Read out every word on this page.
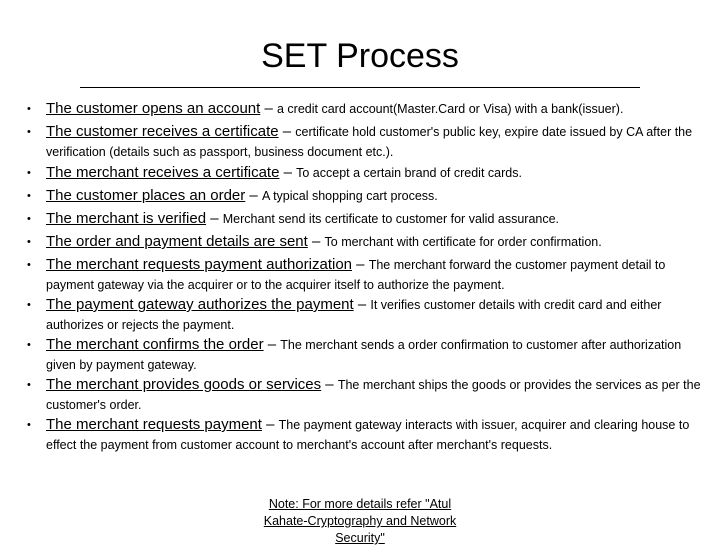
SET Process
• The customer opens an account – a credit card account(Master.Card or Visa) with a bank(issuer).
• The customer receives a certificate – certificate hold customer's public key, expire date issued by CA after the verification (details such as passport, business document etc.).
• The merchant receives a certificate – To accept a certain brand of credit cards.
• The customer places an order – A typical shopping cart process.
• The merchant is verified – Merchant send its certificate to customer for valid assurance.
• The order and payment details are sent – To merchant with certificate for order confirmation.
• The merchant requests payment authorization – The merchant forward the customer payment detail to payment gateway via the acquirer or to the acquirer itself to authorize the payment.
• The payment gateway authorizes the payment – It verifies customer details with credit card and either authorizes or rejects the payment.
• The merchant confirms the order – The merchant sends a order confirmation to customer after authorization given by payment gateway.
• The merchant provides goods or services – The merchant ships the goods or provides the services as per the customer's order.
• The merchant requests payment – The payment gateway interacts with issuer, acquirer and clearing house to effect the payment from customer account to merchant's account after merchant's requests.
Note: For more details refer "Atul Kahate-Cryptography and Network Security"
